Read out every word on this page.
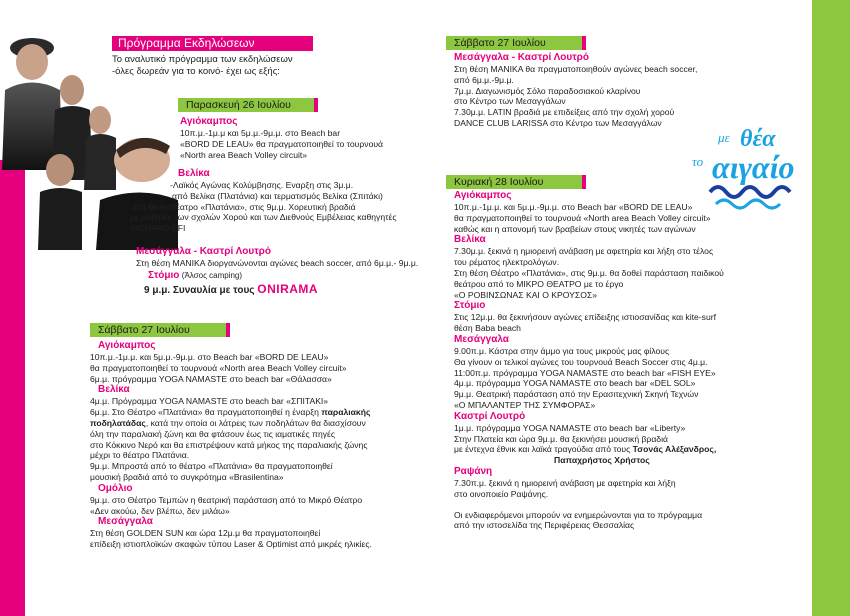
Πρόγραμμα Εκδηλώσεων
Το αναλυτικό πρόγραμμα των εκδηλώσεων
-όλες δωρεάν για το κοινό- έχει ως εξής:
Παρασκευή 26 Ιουλίου
Αγιόκαμπος
10π.μ.-1μ.μ και 5μ.μ.-9μ.μ. στο Beach bar
«BORD DE LEAU» θα πραγματοποιηθεί το τουρνουά
«North area Beach Volley circuit»
Βελίκα
-Λαϊκός Αγώνας Κολύμβησης. Εναρξη στις 3μ.μ.
από Βελίκα (Πλατάνια) και τερματισμός Βελίκα (Σπιτάκι)
-Στη θέση Θέατρο «Πλατάνια», στις 9μ.μ. Χορευτική βραδιά
με μαθητές των σχολών Χορού και των Διεθνούς Εμβέλειας καθηγητές
RICHARD-EFI
Μεσάγγαλα - Καστρί Λουτρό
Στη θέση ΜΑΝΙΚΑ διοργανώνονται αγώνες beach soccer, από 6μ.μ.- 9μ.μ.
Στόμιο (Άλσος camping)
9 μ.μ. Συναυλία με τους ONIRAMA
Σάββατο 27 Ιουλίου
Αγιόκαμπος
10π.μ.-1μ.μ. και 5μ.μ.-9μ.μ. στο Beach bar «BORD DE LEAU»
θα πραγματοποιηθεί το τουρνουά «North area Beach Volley circuit»
6μ.μ. πρόγραμμα YOGA NAMASTE στο beach bar «Θάλασσα»
Βελίκα
4μ.μ. Πρόγραμμα YOGA NAMASTE στο beach bar «ΣΠΙΤΑΚΙ»
6μ.μ. Στο Θέατρο «Πλατάνια» θα πραγματοποιηθεί η έναρξη παραλιακής
ποδηλατάδας, κατά την οποία οι λάτρεις των ποδηλάτων θα διασχίσουν
όλη την παραλιακή ζώνη και θα φτάσουν έως τις ιαματικές πηγές
στο Κόκκινο Νερό και θα επιστρέψουν κατά μήκος της παραλιακής ζώνης
μέχρι το θέατρο Πλατάνια.
9μ.μ. Μπροστά από το θέατρο «Πλατάνια» θα πραγματοποιηθεί
μουσική βραδιά από το συγκρότημα «Brasilentina»
Ομόλιο
9μ.μ. στο Θέατρο Τεμπών η θεατρική παράσταση από το Μικρό Θέατρο
«Δεν ακούω, δεν βλέπω, δεν μιλάω»
Μεσάγγαλα
Στη θέση GOLDEN SUN και ώρα 12μ.μ θα πραγματοποιηθεί
επίδειξη ιστιοπλοϊκών σκαφών τύπου Laser & Optimist από μικρές ηλικίες.
Σάββατο 27 Ιουλίου
Μεσάγγαλα - Καστρί Λουτρό
Στη θέση ΜΑΝΙΚΑ θα πραγματοποιηθούν αγώνες beach soccer,
από 6μ.μ.-9μ.μ.
7μ.μ. Διαγωνισμός Σόλο παραδοσιακού κλαρίνου
στο Κέντρο των Μεσαγγάλων
7.30μ.μ. LATIN βραδιά με επιδείξεις από την σχολή χορού
DANCE CLUB LARISSA στο Κέντρο των Μεσαγγάλων
με θέα
το αιγαίο
Κυριακή 28 Ιουλίου
Αγιόκαμπος
10π.μ.-1μ.μ. και 5μ.μ.-9μ.μ. στο Beach bar «BORD DE LEAU»
θα πραγματοποιηθεί το τουρνουά «North area Beach Volley circuit»
καθώς και η απονομή των βραβείων στους νικητές των αγώνων
Βελίκα
7.30μ.μ. ξεκινά η ημιορεινή ανάβαση με αφετηρία και λήξη στο τέλος
του ρέματος ηλεκτρολόγων.
Στη θέση Θέατρο «Πλατάνια», στις 9μ.μ. θα δοθεί παράσταση παιδικού
θεάτρου από το ΜΙΚΡΟ ΘΕΑΤΡΟ με το έργο
«Ο ΡΟΒΙΝΣΩΝΑΣ ΚΑΙ Ο ΚΡΟΥΣΟΣ»
Στόμιο
Στις 12μ.μ. θα ξεκινήσουν αγώνες επίδειξης ιστιοσανίδας και kite-surf
θέση Baba beach
Μεσάγγαλα
9.00π.μ. Κάστρα στην άμμο για τους μικρούς μας φίλους
Θα γίνουν οι τελικοί αγώνες του τουρνουά Beach Soccer στις 4μ.μ.
11:00π.μ. πρόγραμμα YOGA NAMASTE στο beach bar «FISH EYE»
4μ.μ. πρόγραμμα YOGA NAMASTE στο beach bar «DEL SOL»
9μ.μ. Θεατρική παράσταση από την Ερασιτεχνική Σκηνή Τεχνών
«Ο ΜΠΑΛΑΝΤΕΡ ΤΗΣ ΣΥΜΦΟΡΑΣ»
Καστρί Λουτρό
1μ.μ. πρόγραμμα YOGA NAMASTE στο beach bar «Liberty»
Στην Πλατεία και ώρα 9μ.μ. θα ξεκινήσει μουσική βραδιά
με έντεχνα έθνικ και λαϊκά τραγούδια από τους Τσονάς Αλέξανδρος,
Παπαχρήστος Χρήστος
Ραψάνη
7.30π.μ. ξεκινά η ημιορεινή ανάβαση με αφετηρία και λήξη
στο οινοποιείο Ραψάνης.
Οι ενδιαφερόμενοι μπορούν να ενημερώνονται για το πρόγραμμα
από την ιστοσελίδα της Περιφέρειας Θεσσαλίας
